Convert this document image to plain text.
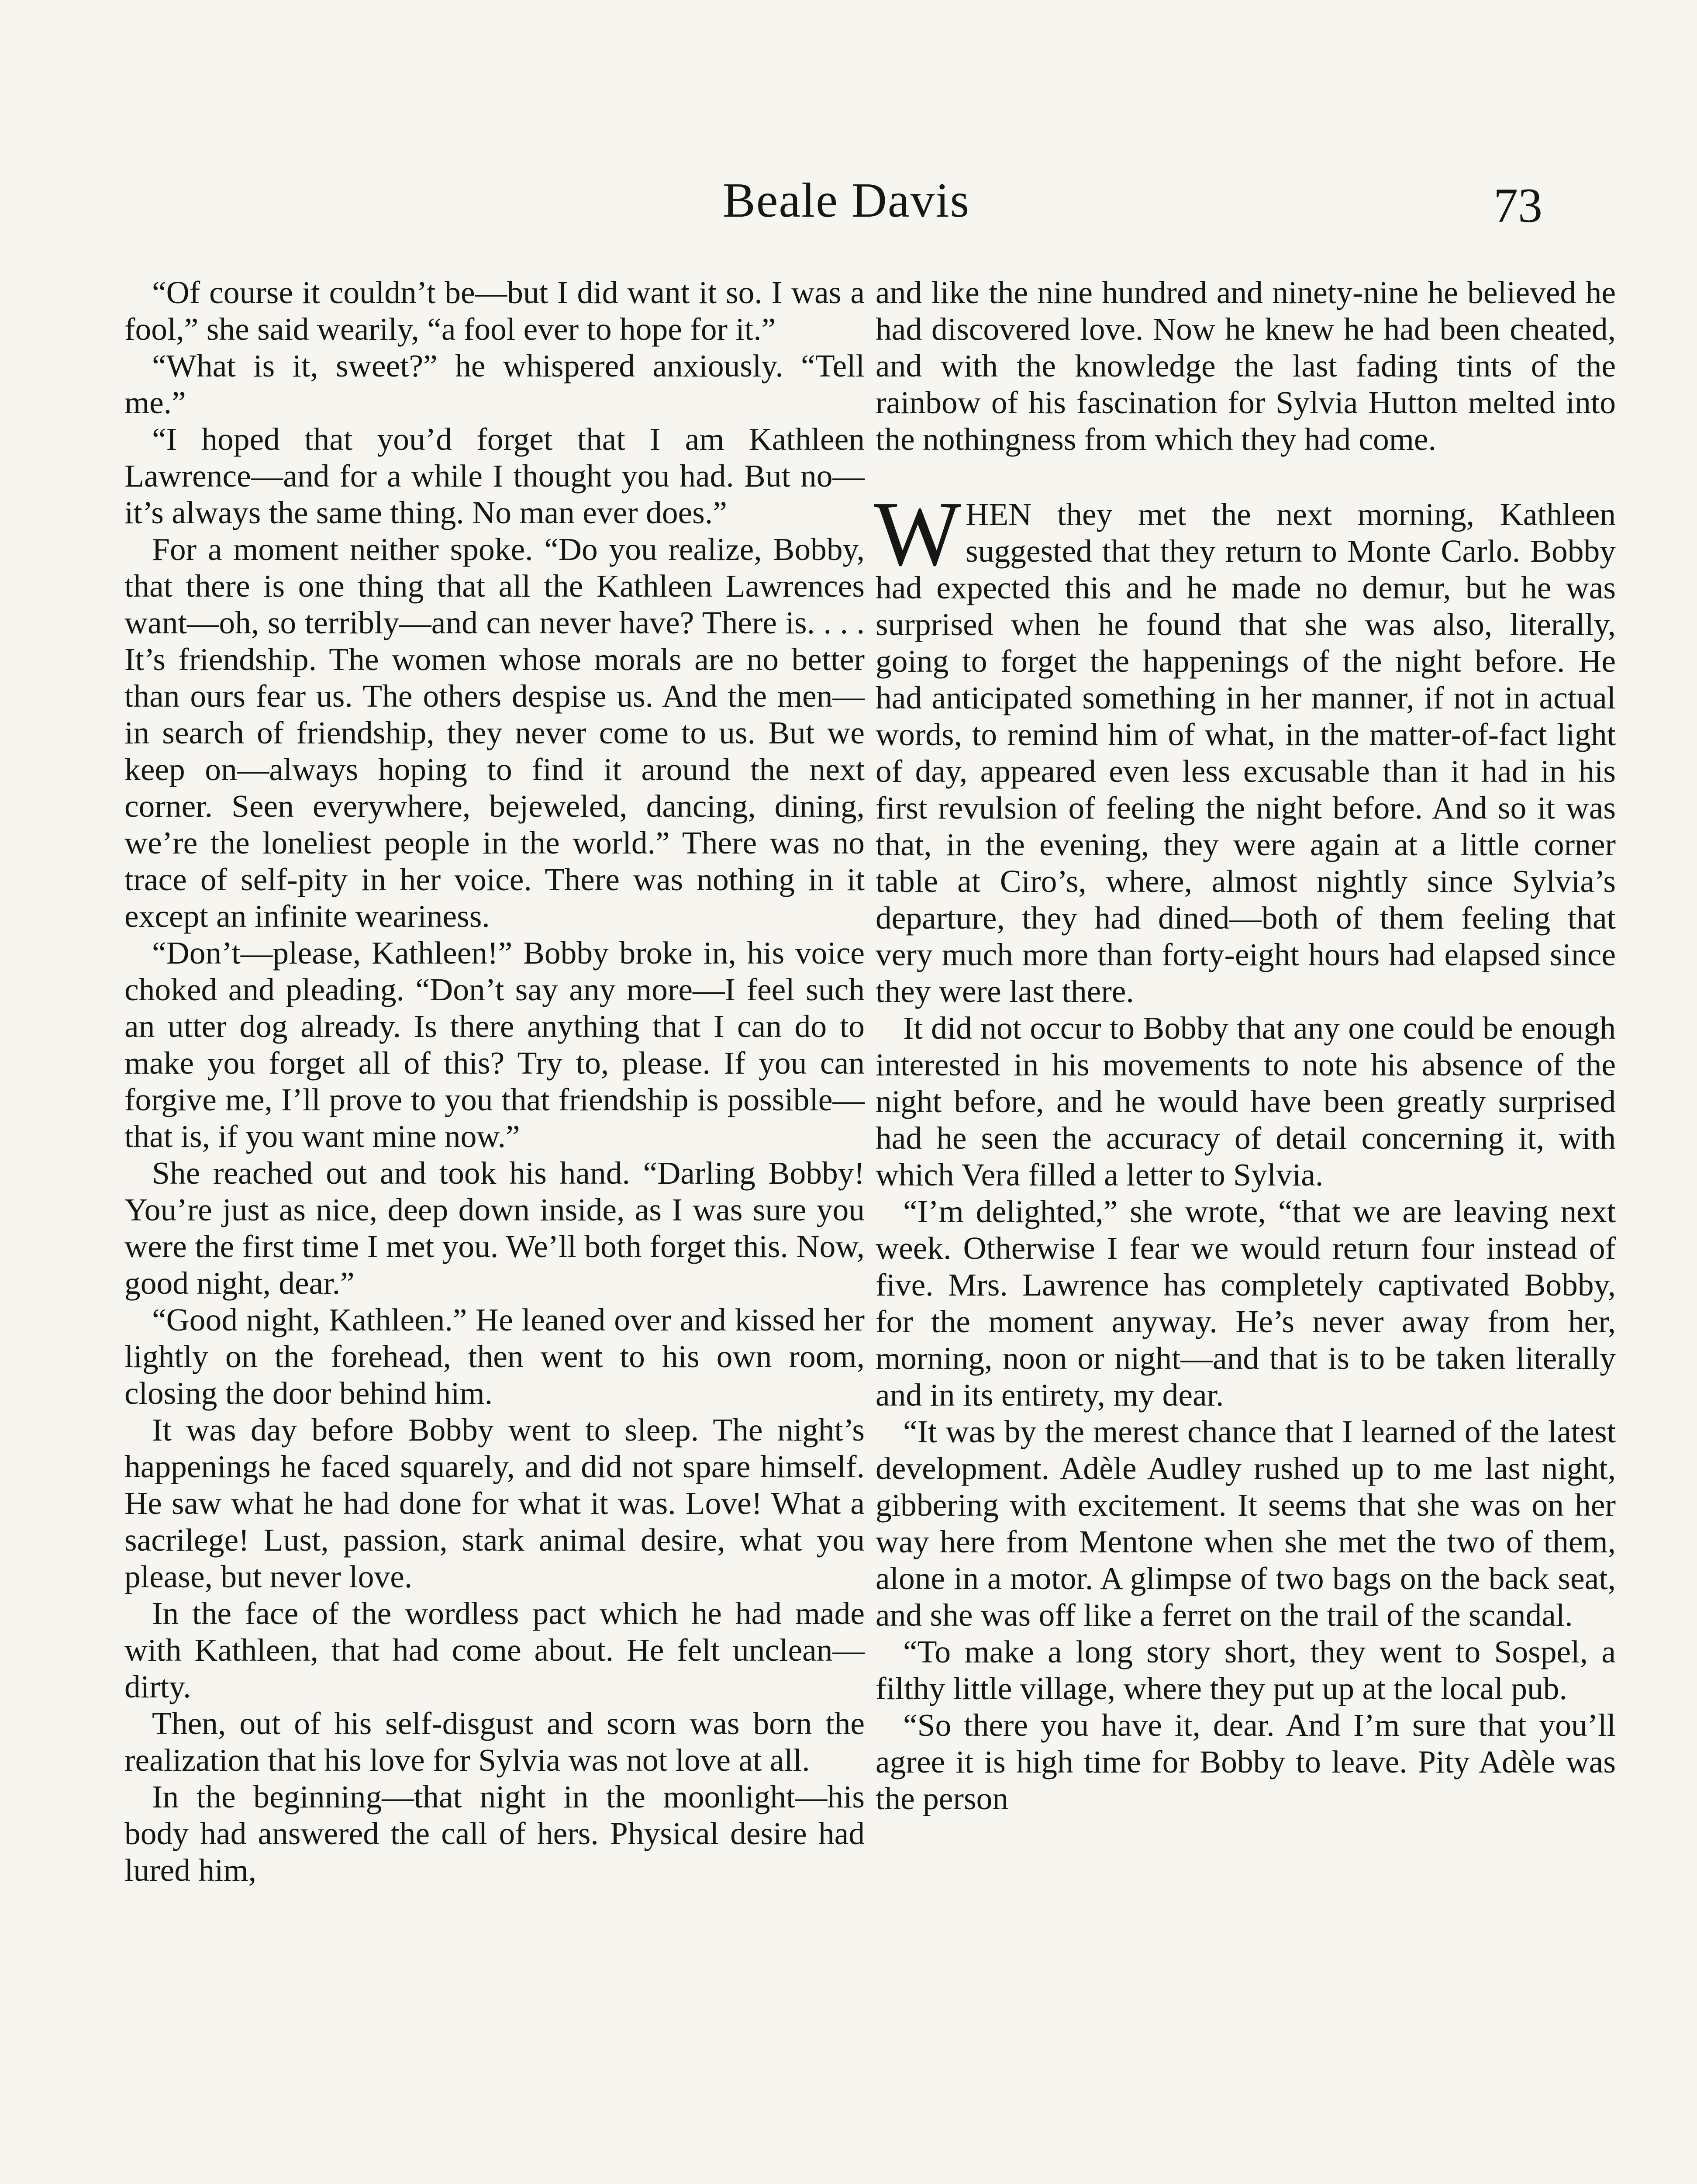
Beale Davis	73

“Of course it couldn’t be—but I did want it so. I was a fool,” she said wearily, “a fool ever to hope for it.”

“What is it, sweet?” he whispered anxiously. “Tell me.”

“I hoped that you’d forget that I am Kathleen Lawrence—and for a while I thought you had. But no—it’s always the same thing. No man ever does.”

For a moment neither spoke. “Do you realize, Bobby, that there is one thing that all the Kathleen Lawrences want—oh, so terribly—and can never have? There is. . . . It’s friendship. The women whose morals are no better than ours fear us. The others despise us. And the men—in search of friendship, they never come to us. But we keep on—always hoping to find it around the next corner. Seen everywhere, bejeweled, dancing, dining, we’re the loneliest people in the world.” There was no trace of self-pity in her voice. There was nothing in it except an infinite weariness.

“Don’t—please, Kathleen!” Bobby broke in, his voice choked and pleading. “Don’t say any more—I feel such an utter dog already. Is there anything that I can do to make you forget all of this? Try to, please. If you can forgive me, I’ll prove to you that friendship is possible—that is, if you want mine now.”

She reached out and took his hand. “Darling Bobby! You’re just as nice, deep down inside, as I was sure you were the first time I met you. We’ll both forget this. Now, good night, dear.”

“Good night, Kathleen.” He leaned over and kissed her lightly on the forehead, then went to his own room, closing the door behind him.

It was day before Bobby went to sleep. The night’s happenings he faced squarely, and did not spare himself. He saw what he had done for what it was. Love! What a sacrilege! Lust, passion, stark animal desire, what you please, but never love.

In the face of the wordless pact which he had made with Kathleen, that had come about. He felt unclean—dirty.

Then, out of his self-disgust and scorn was born the realization that his love for Sylvia was not love at all.

In the beginning—that night in the moonlight—his body had answered the call of hers. Physical desire had lured him,

and like the nine hundred and ninety-nine he believed he had discovered love. Now he knew he had been cheated, and with the knowledge the last fading tints of the rainbow of his fascination for Sylvia Hutton melted into the nothingness from which they had come.

WHEN they met the next morning, Kathleen suggested that they return to Monte Carlo. Bobby had expected this and he made no demur, but he was surprised when he found that she was also, literally, going to forget the happenings of the night before. He had anticipated something in her manner, if not in actual words, to remind him of what, in the matter-of-fact light of day, appeared even less excusable than it had in his first revulsion of feeling the night before. And so it was that, in the evening, they were again at a little corner table at Ciro’s, where, almost nightly since Sylvia’s departure, they had dined—both of them feeling that very much more than forty-eight hours had elapsed since they were last there.

It did not occur to Bobby that any one could be enough interested in his movements to note his absence of the night before, and he would have been greatly surprised had he seen the accuracy of detail concerning it, with which Vera filled a letter to Sylvia.

“I’m delighted,” she wrote, “that we are leaving next week. Otherwise I fear we would return four instead of five. Mrs. Lawrence has completely captivated Bobby, for the moment anyway. He’s never away from her, morning, noon or night—and that is to be taken literally and in its entirety, my dear.

“It was by the merest chance that I learned of the latest development. Adèle Audley rushed up to me last night, gibbering with excitement. It seems that she was on her way here from Mentone when she met the two of them, alone in a motor. A glimpse of two bags on the back seat, and she was off like a ferret on the trail of the scandal.

“To make a long story short, they went to Sospel, a filthy little village, where they put up at the local pub.

“So there you have it, dear. And I’m sure that you’ll agree it is high time for Bobby to leave. Pity Adèle was the person
